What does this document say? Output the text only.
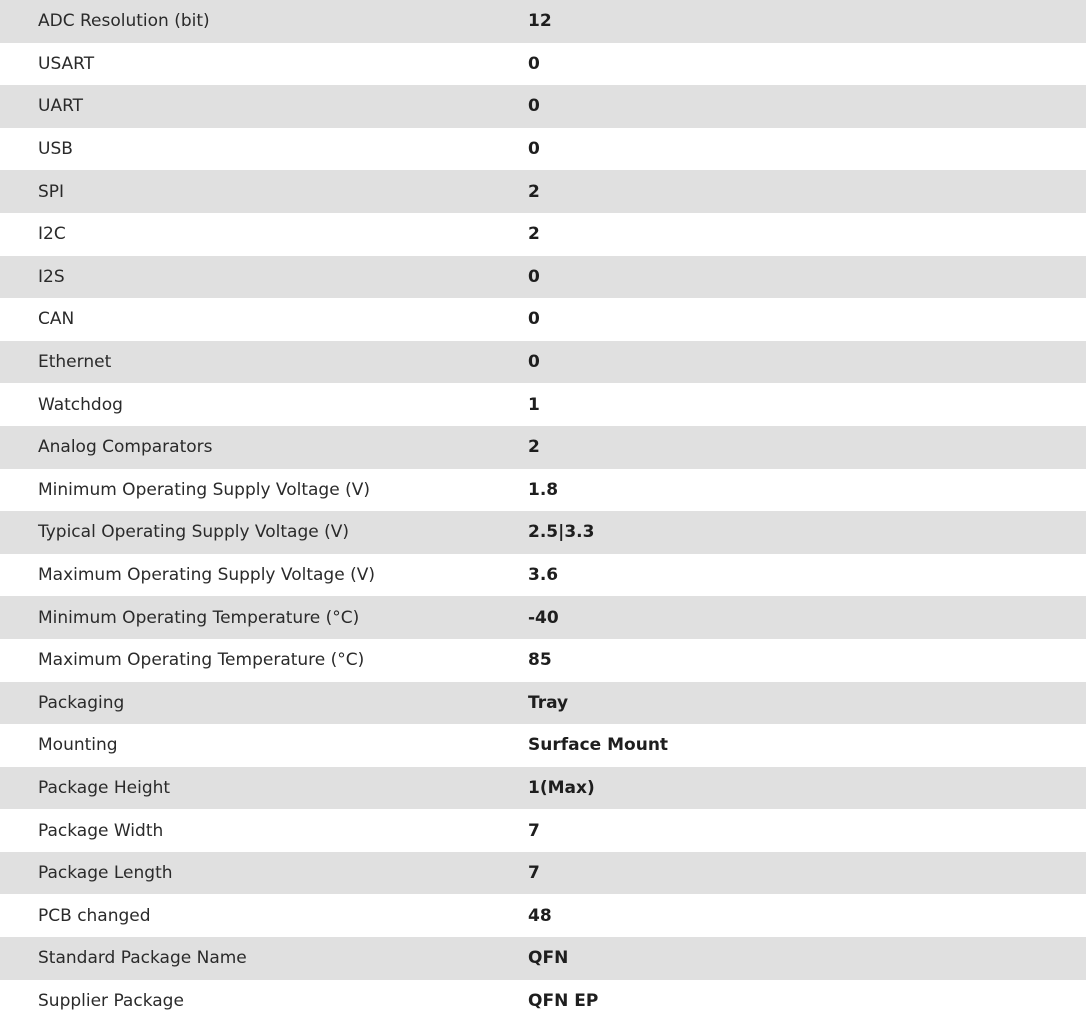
ADC Resolution (bit)	12
USART	0
UART	0
USB	0
SPI	2
I2C	2
I2S	0
CAN	0
Ethernet	0
Watchdog	1
Analog Comparators	2
Minimum Operating Supply Voltage (V)	1.8
Typical Operating Supply Voltage (V)	2.5|3.3
Maximum Operating Supply Voltage (V)	3.6
Minimum Operating Temperature (°C)	-40
Maximum Operating Temperature (°C)	85
Packaging	Tray
Mounting	Surface Mount
Package Height	1(Max)
Package Width	7
Package Length	7
PCB changed	48
Standard Package Name	QFN
Supplier Package	QFN EP
